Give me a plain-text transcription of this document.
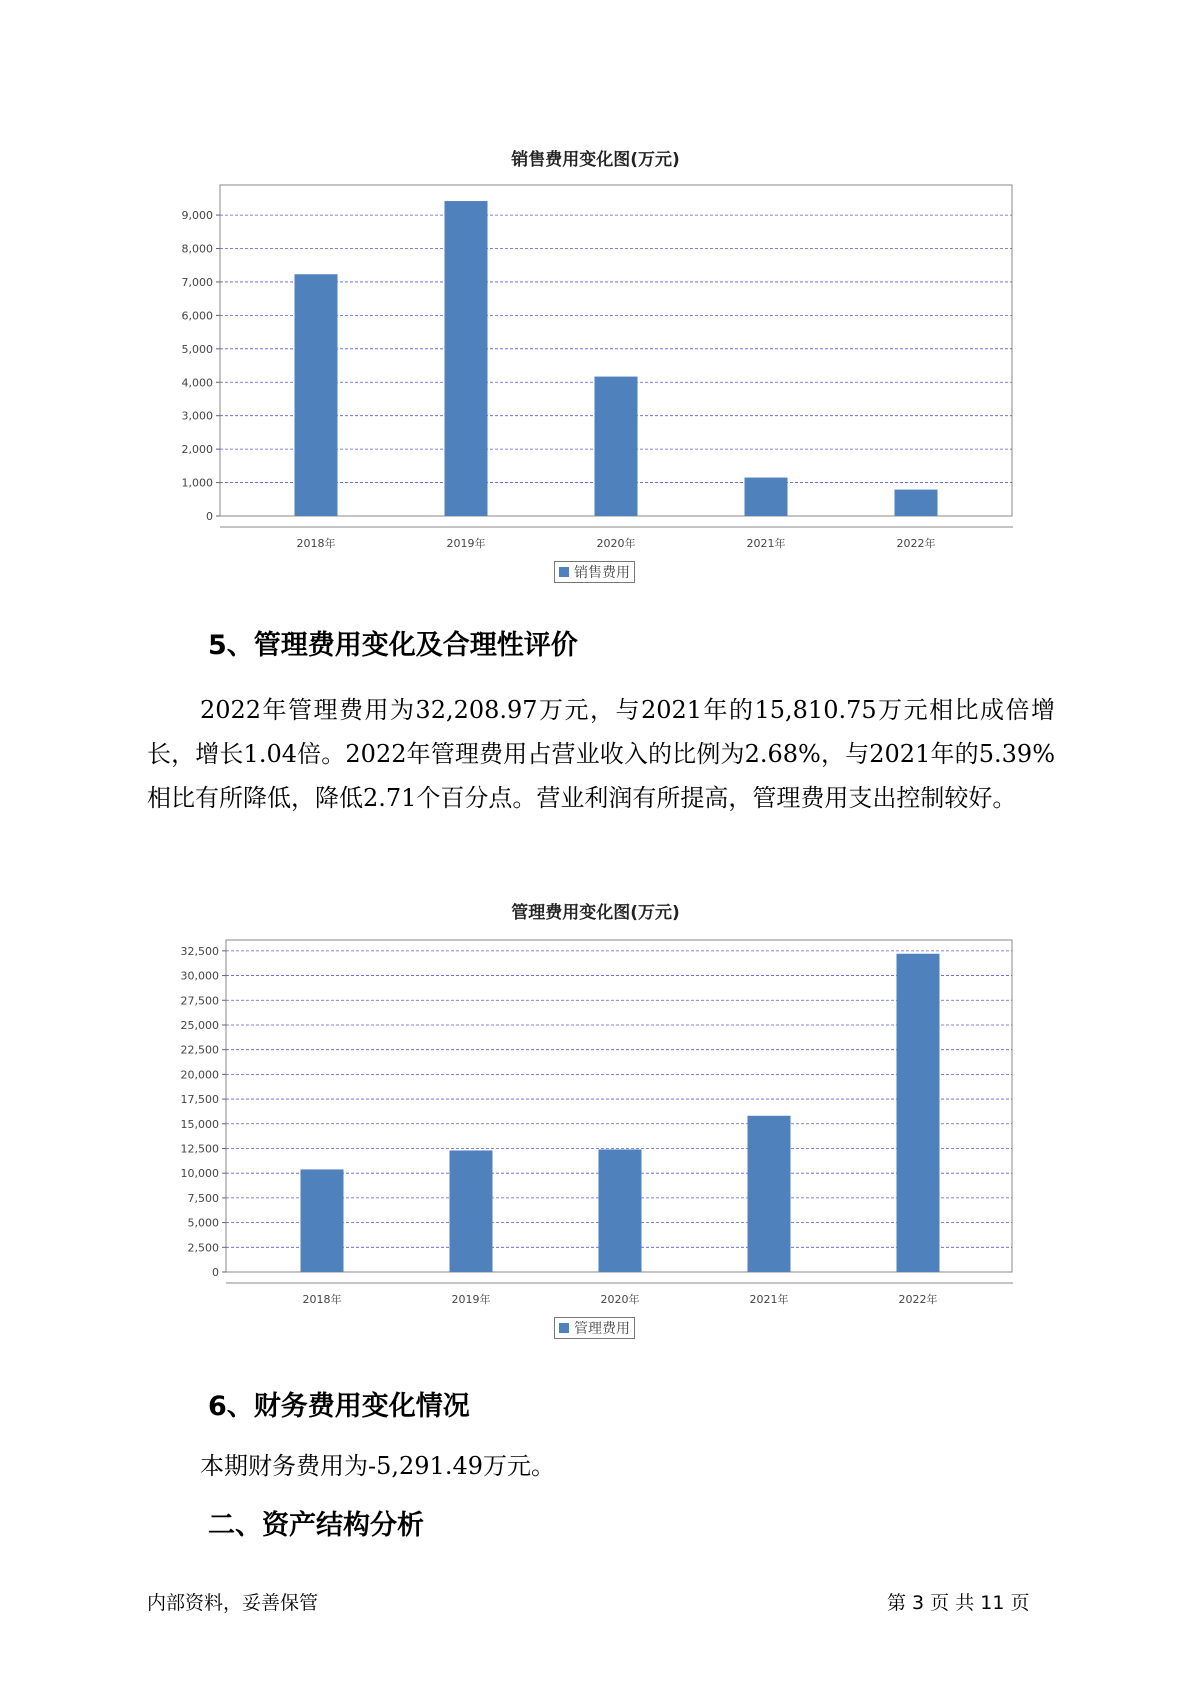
销售费用变化图(万元)
0
1,000
2,000
3,000
4,000
5,000
6,000
7,000
8,000
9,000
2018年	2019年	2020年	2021年	2022年
销售费用
5、管理费用变化及合理性评价

2022年管理费用为32,208.97万元，与2021年的15,810.75万元相比成倍增长，增长1.04倍。2022年管理费用占营业收入的比例为2.68%，与2021年的5.39%相比有所降低，降低2.71个百分点。营业利润有所提高，管理费用支出控制较好。

管理费用变化图(万元)
0
2,500
5,000
7,500
10,000
12,500
15,000
17,500
20,000
22,500
25,000
27,500
30,000
32,500
2018年	2019年	2020年	2021年	2022年
管理费用
6、财务费用变化情况

本期财务费用为-5,291.49万元。

二、资产结构分析
内部资料，妥善保管	第 3 页 共 11 页
